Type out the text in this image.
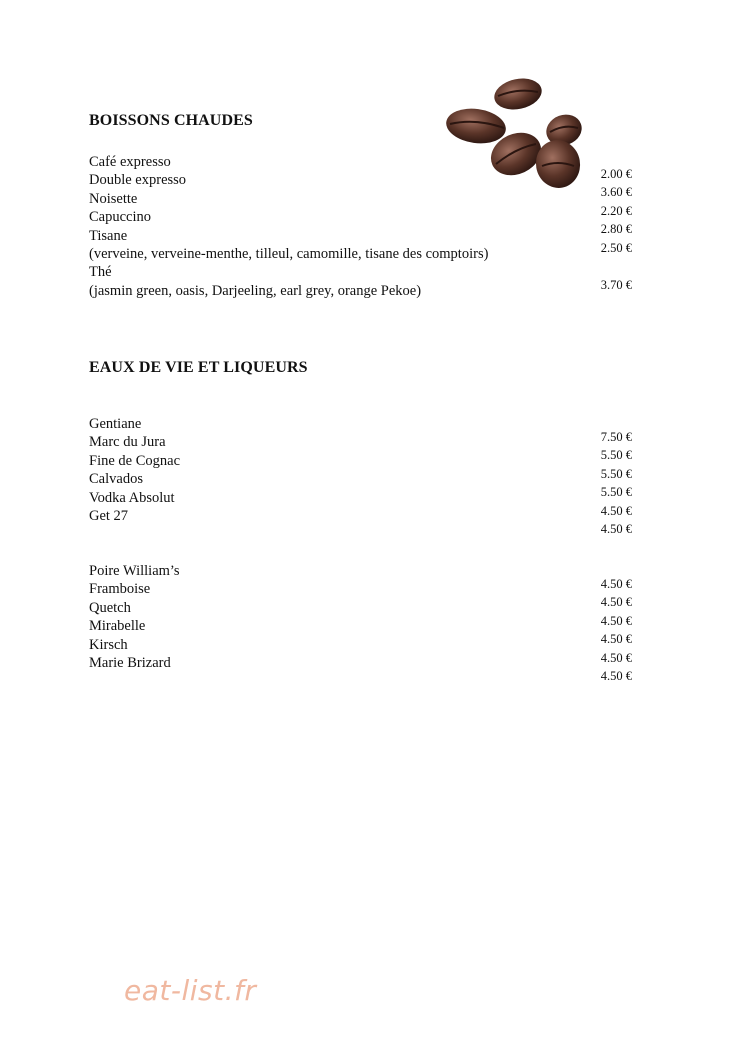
BOISSONS CHAUDES
Café expresso
Double expresso
Noisette
Capuccino
Tisane
(verveine, verveine-menthe, tilleul, camomille, tisane des comptoirs)
Thé
(jasmin green, oasis, Darjeeling, earl grey, orange Pekoe)
2.00 €
3.60 €
2.20 €
2.80 €
2.50 €
3.70 €
EAUX DE VIE ET LIQUEURS
Gentiane
Marc du Jura
Fine de Cognac
Calvados
Vodka Absolut
Get 27
7.50 €
5.50 €
5.50 €
5.50 €
4.50 €
4.50 €
Poire William’s
Framboise
Quetch
Mirabelle
Kirsch
Marie Brizard
4.50 €
4.50 €
4.50 €
4.50 €
4.50 €
4.50 €
eat-list.fr
